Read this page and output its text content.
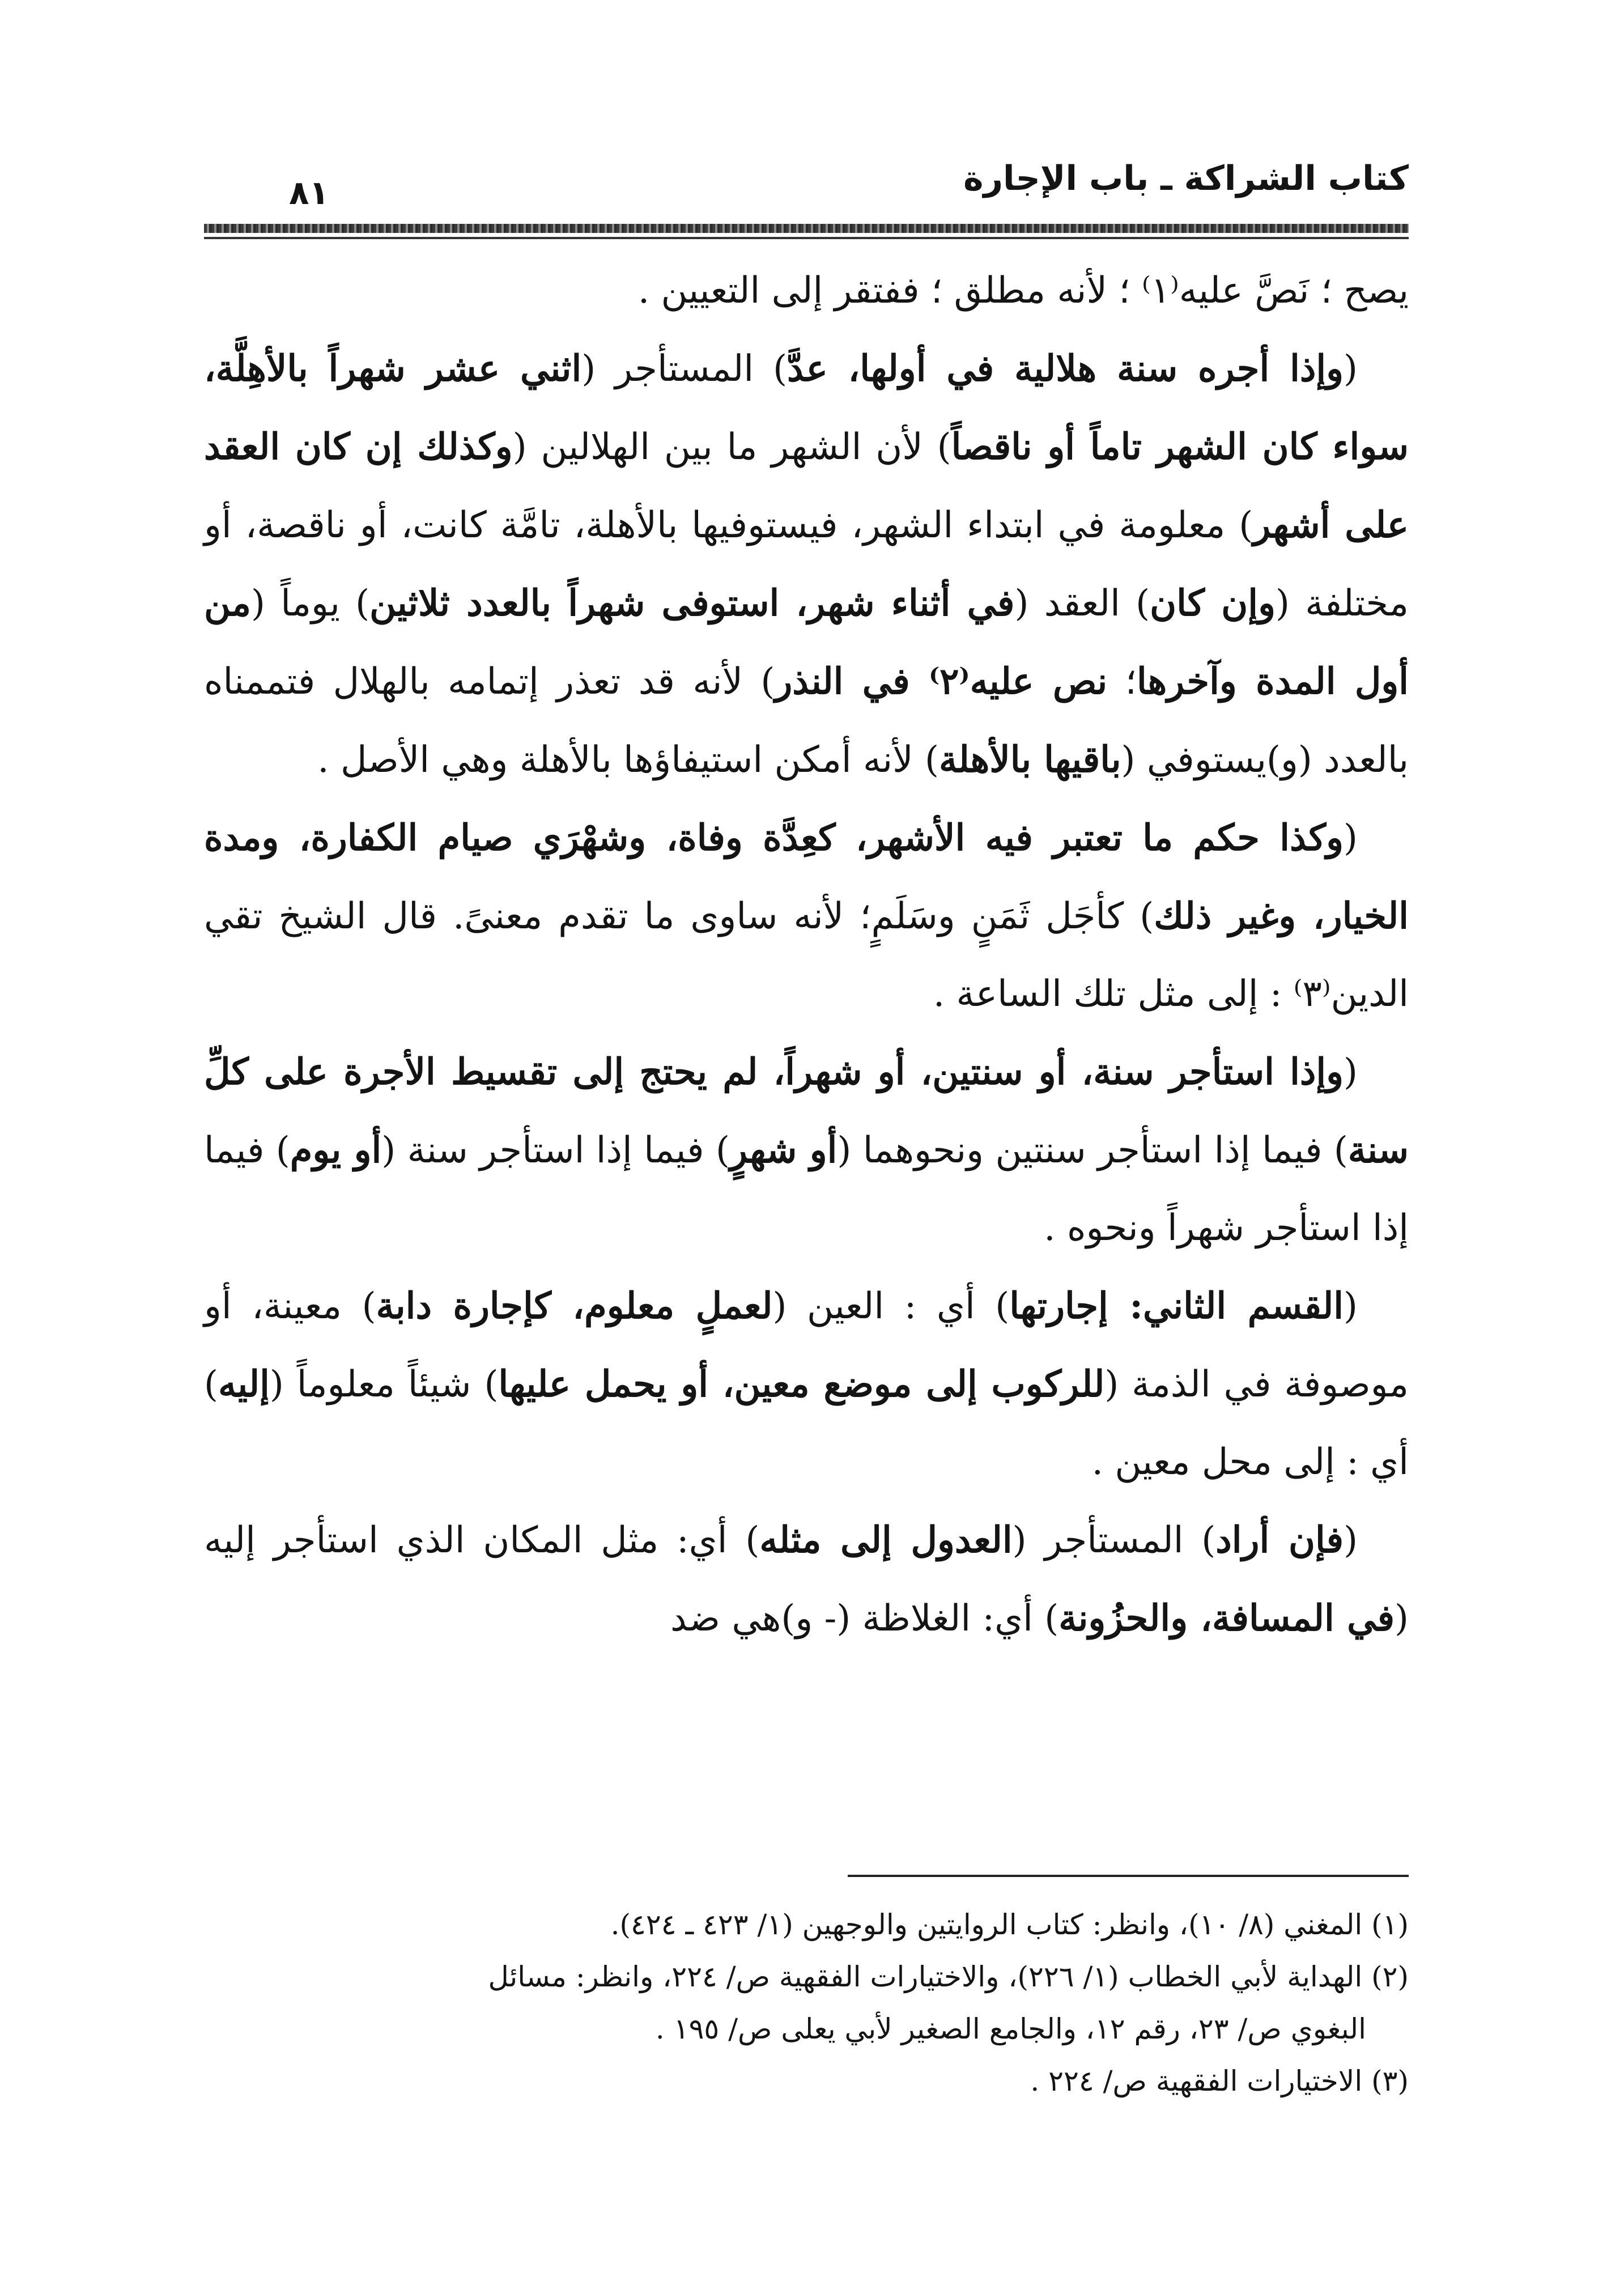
كتاب الشراكة ـ باب الإجارة
٨١

يصح ؛ نَصَّ عليه⁽١⁾ ؛ لأنه مطلق ؛ ففتقر إلى التعيين .

(وإذا أجره سنة هلالية في أولها، عدَّ) المستأجر (اثني عشر شهراً بالأهِلَّة، سواء كان الشهر تاماً أو ناقصاً) لأن الشهر ما بين الهلالين (وكذلك إن كان العقد على أشهر) معلومة في ابتداء الشهر، فيستوفيها بالأهلة، تامَّة كانت، أو ناقصة، أو مختلفة (وإن كان) العقد (في أثناء شهر، استوفى شهراً بالعدد ثلاثين) يوماً (من أول المدة وآخرها؛ نص عليه⁽٢⁾ في النذر) لأنه قد تعذر إتمامه بالهلال فتممناه بالعدد (و)يستوفي (باقيها بالأهلة) لأنه أمكن استيفاؤها بالأهلة وهي الأصل .

(وكذا حكم ما تعتبر فيه الأشهر، كعِدَّة وفاة، وشهْرَي صيام الكفارة، ومدة الخيار، وغير ذلك) كأجَل ثَمَنٍ وسَلَمٍ؛ لأنه ساوى ما تقدم معنىً. قال الشيخ تقي الدين⁽٣⁾ : إلى مثل تلك الساعة .

(وإذا استأجر سنة، أو سنتين، أو شهراً، لم يحتج إلى تقسيط الأجرة على كلِّ سنة) فيما إذا استأجر سنتين ونحوهما (أو شهرٍ) فيما إذا استأجر سنة (أو يوم) فيما إذا استأجر شهراً ونحوه .

(القسم الثاني: إجارتها) أي : العين (لعملٍ معلوم، كإجارة دابة) معينة، أو موصوفة في الذمة (للركوب إلى موضع معين، أو يحمل عليها) شيئاً معلوماً (إليه) أي : إلى محل معين .

(فإن أراد) المستأجر (العدول إلى مثله) أي: مثل المكان الذي استأجر إليه (في المسافة، والحزُونة) أي: الغلاظة (- و)هي ضد

(١) المغني (٨/ ١٠)، وانظر: كتاب الروايتين والوجهين (١/ ٤٢٣ ـ ٤٢٤).

(٢) الهداية لأبي الخطاب (١/ ٢٢٦)، والاختيارات الفقهية ص/ ٢٢٤، وانظر: مسائل

البغوي ص/ ٢٣، رقم ١٢، والجامع الصغير لأبي يعلى ص/ ١٩٥ .

(٣) الاختيارات الفقهية ص/ ٢٢٤ .
